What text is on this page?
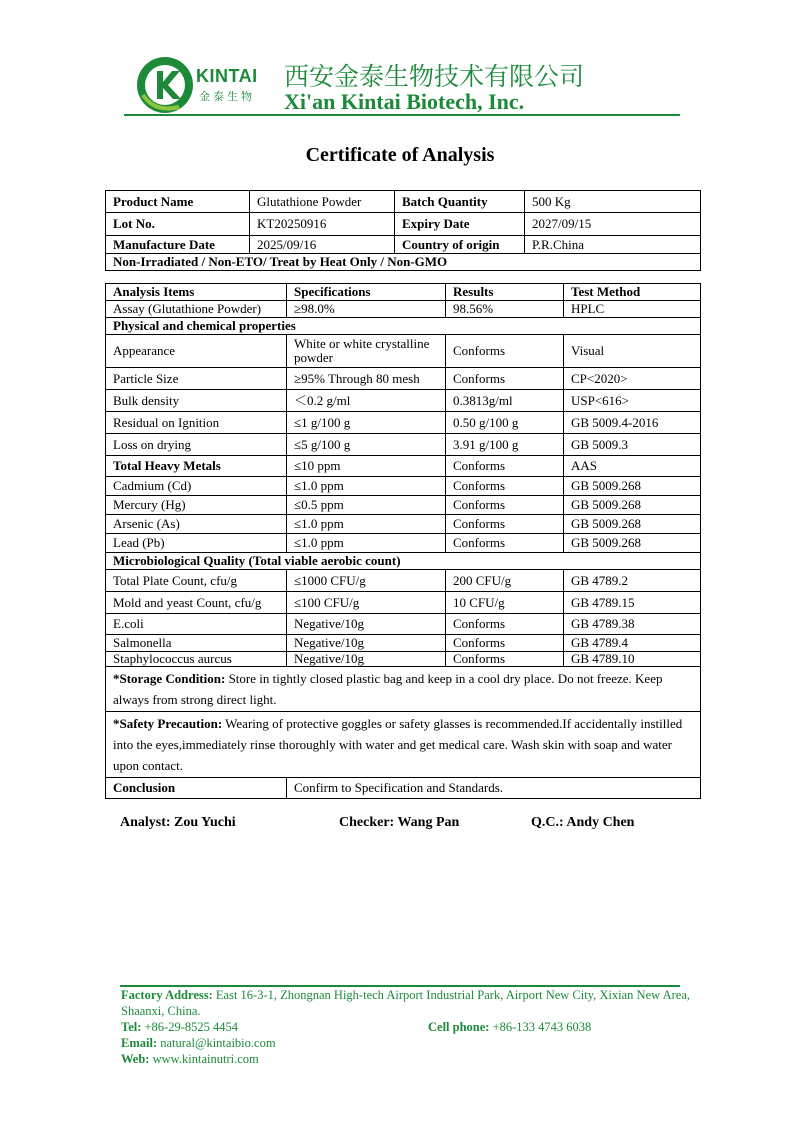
KINTAI
金泰生物
西安金泰生物技术有限公司
Xi'an Kintai Biotech, Inc.
Certificate of Analysis
Product Name	Glutathione Powder	Batch Quantity	500 Kg
Lot No.	KT20250916	Expiry Date	2027/09/15
Manufacture Date	2025/09/16	Country of origin	P.R.China
Non-Irradiated / Non-ETO/ Treat by Heat Only / Non-GMO			
Analysis Items	Specifications	Results	Test Method
Assay (Glutathione Powder)	≥98.0%	98.56%	HPLC
Physical and chemical properties			
Appearance	White or white crystalline powder	Conforms	Visual
Particle Size	≥95% Through 80 mesh	Conforms	CP<2020>
Bulk density	＜0.2 g/ml	0.3813g/ml	USP<616>
Residual on Ignition	≤1 g/100 g	0.50 g/100 g	GB 5009.4-2016
Loss on drying	≤5 g/100 g	3.91 g/100 g	GB 5009.3
Total Heavy Metals	≤10 ppm	Conforms	AAS
Cadmium (Cd)	≤1.0 ppm	Conforms	GB 5009.268
Mercury (Hg)	≤0.5 ppm	Conforms	GB 5009.268
Arsenic (As)	≤1.0 ppm	Conforms	GB 5009.268
Lead (Pb)	≤1.0 ppm	Conforms	GB 5009.268
Microbiological Quality (Total viable aerobic count)			
Total Plate Count, cfu/g	≤1000 CFU/g	200 CFU/g	GB 4789.2
Mold and yeast Count, cfu/g	≤100 CFU/g	10 CFU/g	GB 4789.15
E.coli	Negative/10g	Conforms	GB 4789.38
Salmonella	Negative/10g	Conforms	GB 4789.4
Staphylococcus aurcus	Negative/10g	Conforms	GB 4789.10
*Storage Condition: Store in tightly closed plastic bag and keep in a cool dry place. Do not freeze. Keep always from strong direct light.			
*Safety Precaution: Wearing of protective goggles or safety glasses is recommended.If accidentally instilled into the eyes,immediately rinse thoroughly with water and get medical care. Wash skin with soap and water upon contact.			
Conclusion	Confirm to Specification and Standards.		
Analyst: Zou Yuchi	Checker: Wang Pan	Q.C.: Andy Chen
Factory Address: East 16-3-1, Zhongnan High-tech Airport Industrial Park, Airport New City, Xixian New Area, Shaanxi, China.
Tel: +86-29-8525 4454	Cell phone: +86-133 4743 6038
Email: natural@kintaibio.com
Web: www.kintainutri.com
